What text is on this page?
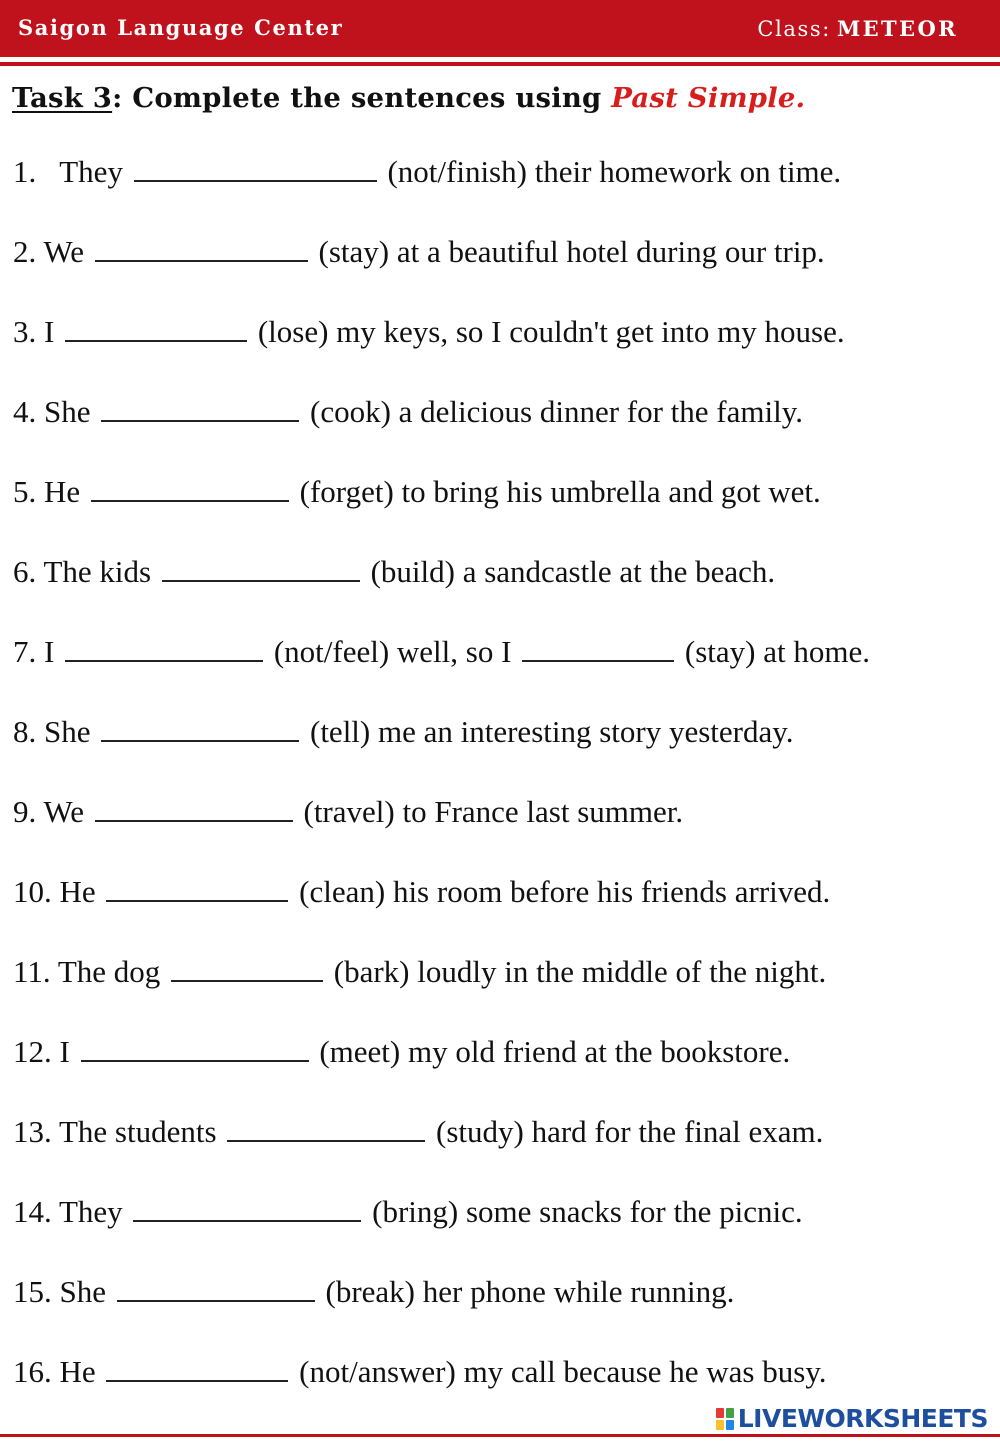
Saigon Language Center	Class: METEOR
Task 3: Complete the sentences using Past Simple.
1. They	(not/finish) their homework on time.
2. We	(stay) at a beautiful hotel during our trip.
3. I	(lose) my keys, so I couldn't get into my house.
4. She	(cook) a delicious dinner for the family.
5. He	(forget) to bring his umbrella and got wet.
6. The kids	(build) a sandcastle at the beach.
7. I	(not/feel) well, so I	(stay) at home.
8. She	(tell) me an interesting story yesterday.
9. We	(travel) to France last summer.
10. He	(clean) his room before his friends arrived.
11. The dog	(bark) loudly in the middle of the night.
12. I	(meet) my old friend at the bookstore.
13. The students	(study) hard for the final exam.
14. They	(bring) some snacks for the picnic.
15. She	(break) her phone while running.
16. He	(not/answer) my call because he was busy.
LIVEWORKSHEETS
